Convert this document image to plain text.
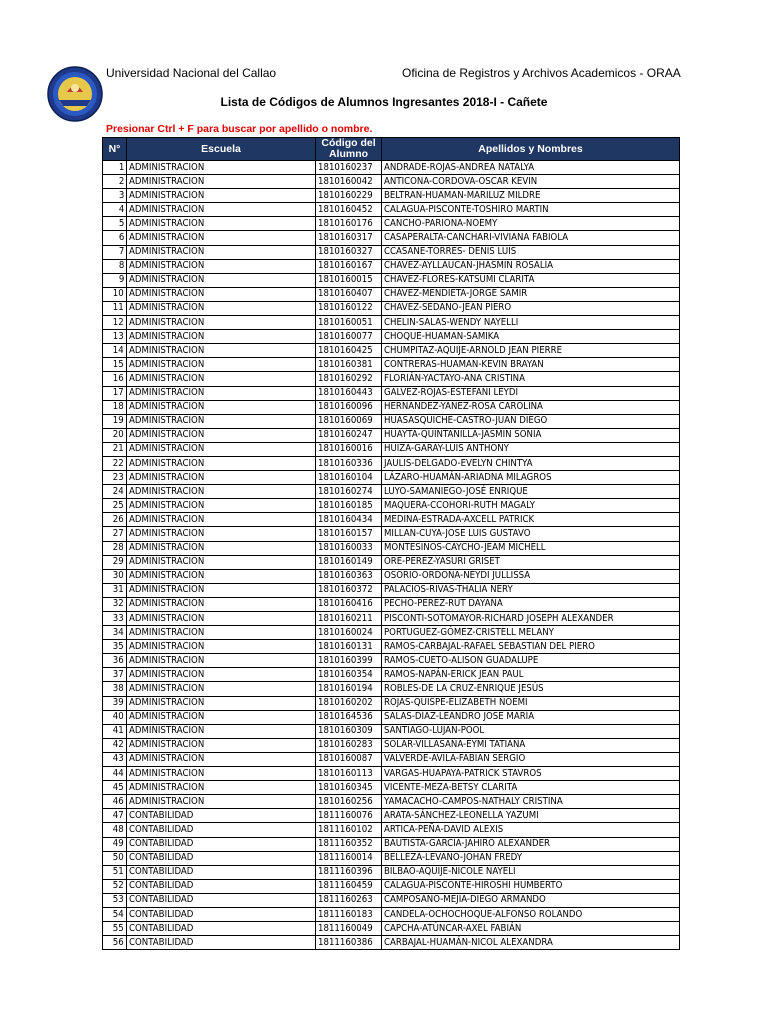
Universidad Nacional del Callao	Oficina de Registros y Archivos Academicos - ORAA
Lista de Códigos de Alumnos Ingresantes 2018-I - Cañete
Presionar Ctrl + F para buscar por apellido o nombre.
N°	Escuela	Código del Alumno	Apellidos y Nombres
1	ADMINISTRACION	1810160237	ANDRADE-ROJAS-ANDREA NATALYA
2	ADMINISTRACION	1810160042	ANTICONA-CORDOVA-OSCAR KEVIN
3	ADMINISTRACION	1810160229	BELTRAN-HUAMAN-MARILUZ MILDRE
4	ADMINISTRACION	1810160452	CALAGUA-PISCONTE-TOSHIRO MARTIN
5	ADMINISTRACION	1810160176	CANCHO-PARIONA-NOEMY
6	ADMINISTRACION	1810160317	CASAPERALTA-CANCHARI-VIVIANA FABIOLA
7	ADMINISTRACION	1810160327	CCASANE-TORRES- DENIS LUIS
8	ADMINISTRACION	1810160167	CHAVEZ-AYLLAUCAN-JHASMIN ROSALIA
9	ADMINISTRACION	1810160015	CHAVEZ-FLORES-KATSUMI CLARITA
10	ADMINISTRACION	1810160407	CHÁVEZ-MENDIETA-JORGE SAMIR
11	ADMINISTRACION	1810160122	CHAVEZ-SEDANO-JEAN PIERO
12	ADMINISTRACION	1810160051	CHELIN-SALAS-WENDY NAYELLI
13	ADMINISTRACION	1810160077	CHOQUE-HUAMAN-SAMIKA
14	ADMINISTRACION	1810160425	CHUMPITAZ-AQUIJE-ARNOLD JEAN PIERRE
15	ADMINISTRACION	1810160381	CONTRERAS-HUAMAN-KEVIN BRAYAN
16	ADMINISTRACION	1810160292	FLORIÁN-YACTAYO-ANA CRISTINA
17	ADMINISTRACION	1810160443	GALVEZ-ROJAS-ESTEFANI LEYDI
18	ADMINISTRACION	1810160096	HERNANDEZ-YAÑEZ-ROSA CAROLINA
19	ADMINISTRACION	1810160069	HUASASQUICHE-CASTRO-JUAN DIEGO
20	ADMINISTRACION	1810160247	HUAYTA-QUINTANILLA-JASMIN SONIA
21	ADMINISTRACION	1810160016	HUIZA-GARAY-LUIS ANTHONY
22	ADMINISTRACION	1810160336	JAULIS-DELGADO-EVELYN CHINTYA
23	ADMINISTRACION	1810160104	LÁZARO-HUAMÁN-ARIADNA MILAGROS
24	ADMINISTRACION	1810160274	LUYO-SAMANIEGO-JOSÉ ENRIQUE
25	ADMINISTRACION	1810160185	MAQUERA-CCOHORI-RUTH MAGALY
26	ADMINISTRACION	1810160434	MEDINA-ESTRADA-AXCELL PATRICK
27	ADMINISTRACION	1810160157	MILLAN-CUYA-JOSE LUIS GUSTAVO
28	ADMINISTRACION	1810160033	MONTESINOS-CAYCHO-JEAM MICHELL
29	ADMINISTRACION	1810160149	ORE-PEREZ-YASURI GRISET
30	ADMINISTRACION	1810160363	OSORIO-ORDOÑA-NEYDI JULLISSA
31	ADMINISTRACION	1810160372	PALACIOS-RIVAS-THALIA NERY
32	ADMINISTRACION	1810160416	PECHO-PEREZ-RUT DAYANA
33	ADMINISTRACION	1810160211	PISCONTI-SOTOMAYOR-RICHARD JOSEPH ALEXANDER
34	ADMINISTRACION	1810160024	PORTUGUEZ-GÓMEZ-CRISTELL MELANY
35	ADMINISTRACION	1810160131	RAMOS-CARBAJAL-RAFAEL SEBASTIAN DEL PIERO
36	ADMINISTRACION	1810160399	RAMOS-CUETO-ALISON GUADALUPE
37	ADMINISTRACION	1810160354	RAMOS-NAPÁN-ERICK JEAN PAUL
38	ADMINISTRACION	1810160194	ROBLES-DE LA CRUZ-ENRIQUE JESÚS
39	ADMINISTRACION	1810160202	ROJAS-QUISPE-ELIZABETH NOEMI
40	ADMINISTRACION	1810164536	SALAS-DÍAZ-LEANDRO JOSE MARÍA
41	ADMINISTRACION	1810160309	SANTIAGO-LUJAN-POOL
42	ADMINISTRACION	1810160283	SOLAR-VILLASANA-EYMI TATIANA
43	ADMINISTRACION	1810160087	VALVERDE-AVILA-FABIAN SERGIO
44	ADMINISTRACION	1810160113	VARGAS-HUAPAYA-PATRICK STAVROS
45	ADMINISTRACION	1810160345	VICENTE-MEZA-BETSY CLARITA
46	ADMINISTRACION	1810160256	YAMACACHO-CAMPOS-NATHALY CRISTINA
47	CONTABILIDAD	1811160076	ARATA-SÁNCHEZ-LEONELLA YAZUMI
48	CONTABILIDAD	1811160102	ARTICA-PEÑA-DAVID ALEXIS
49	CONTABILIDAD	1811160352	BAUTISTA-GARCÍA-JAHIRO ALEXANDER
50	CONTABILIDAD	1811160014	BELLEZA-LEVANO-JOHAN FREDY
51	CONTABILIDAD	1811160396	BILBAO-AQUIJE-NICOLE NAYELI
52	CONTABILIDAD	1811160459	CALAGUA-PISCONTE-HIROSHI HUMBERTO
53	CONTABILIDAD	1811160263	CAMPOSANO-MEJIA-DIEGO ARMANDO
54	CONTABILIDAD	1811160183	CANDELA-OCHOCHOQUE-ALFONSO ROLANDO
55	CONTABILIDAD	1811160049	CAPCHA-ATÚNCAR-AXEL FABIÁN
56	CONTABILIDAD	1811160386	CARBAJAL-HUAMÁN-NICOL ALEXANDRA
